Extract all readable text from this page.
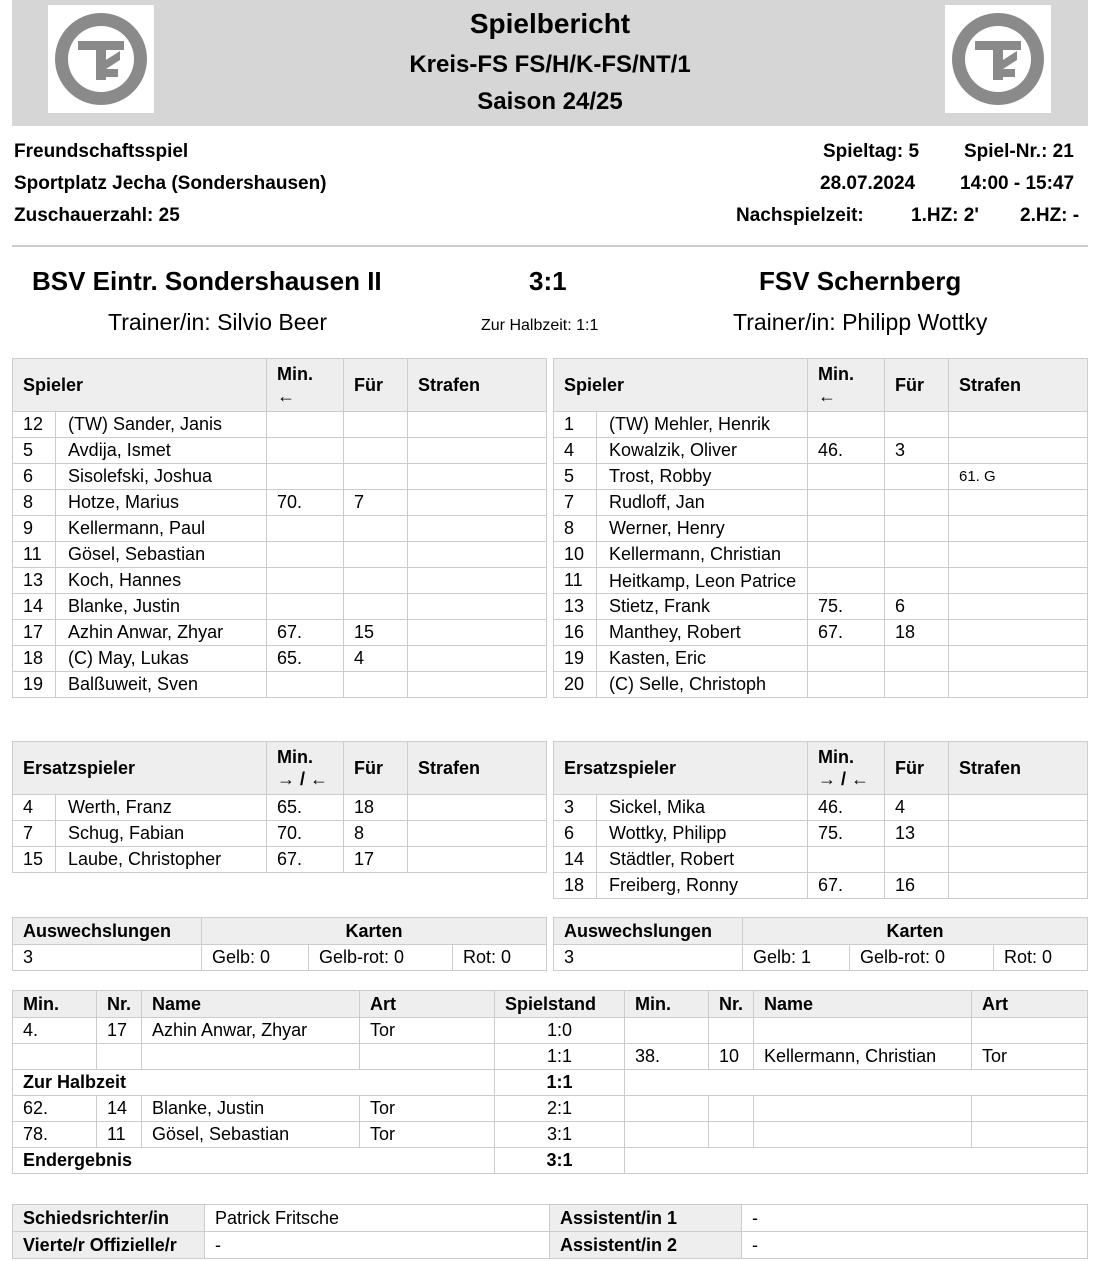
Spielbericht
Kreis-FS FS/H/K-FS/NT/1
Saison 24/25
Freundschaftsspiel
Sportplatz Jecha (Sondershausen)
Zuschauerzahl: 25
Spieltag: 5 Spiel-Nr.: 21
28.07.2024 14:00 - 15:47
Nachspielzeit: 1.HZ: 2' 2.HZ: -
BSV Eintr. Sondershausen II	3:1	FSV Schernberg
Trainer/in: Silvio Beer	Zur Halbzeit: 1:1	Trainer/in: Philipp Wottky
Spieler		Min.
←	Für	Strafen
12	(TW) Sander, Janis			
5	Avdija, Ismet			
6	Sisolefski, Joshua			
8	Hotze, Marius	70.	7	
9	Kellermann, Paul			
11	Gösel, Sebastian			
13	Koch, Hannes			
14	Blanke, Justin			
17	Azhin Anwar, Zhyar	67.	15	
18	(C) May, Lukas	65.	4	
19	Balßuweit, Sven			
Spieler		Min.
←	Für	Strafen
1	(TW) Mehler, Henrik			
4	Kowalzik, Oliver	46.	3	
5	Trost, Robby			61. G
7	Rudloff, Jan			
8	Werner, Henry			
10	Kellermann, Christian			
11	Heitkamp, Leon Patrice			
13	Stietz, Frank	75.	6	
16	Manthey, Robert	67.	18	
19	Kasten, Eric			
20	(C) Selle, Christoph			
Ersatzspieler		Min.
→ / ←	Für	Strafen
4	Werth, Franz	65.	18	
7	Schug, Fabian	70.	8	
15	Laube, Christopher	67.	17	
Ersatzspieler		Min.
→ / ←	Für	Strafen
3	Sickel, Mika	46.	4	
6	Wottky, Philipp	75.	13	
14	Städtler, Robert			
18	Freiberg, Ronny	67.	16	
Auswechslungen	Karten		
3	Gelb: 0	Gelb-rot: 0	Rot: 0
Auswechslungen	Karten		
3	Gelb: 1	Gelb-rot: 0	Rot: 0
Min.	Nr.	Name	Art	Spielstand	Min.	Nr.	Name	Art
4.	17	Azhin Anwar, Zhyar	Tor	1:0				
				1:1	38.	10	Kellermann, Christian	Tor
Zur Halbzeit				1:1				
62.	14	Blanke, Justin	Tor	2:1				
78.	11	Gösel, Sebastian	Tor	3:1				
Endergebnis				3:1				
Schiedsrichter/in	Patrick Fritsche	Assistent/in 1	-
Vierte/r Offizielle/r	-	Assistent/in 2	-
